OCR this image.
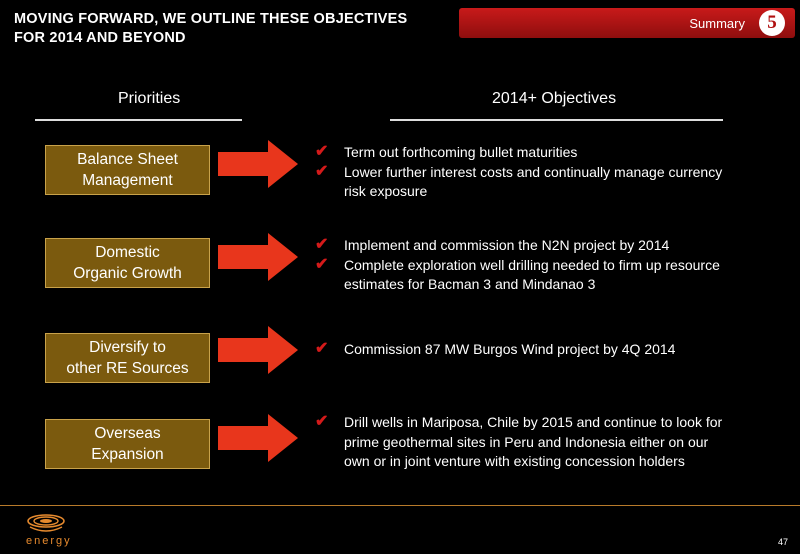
MOVING FORWARD, WE OUTLINE THESE OBJECTIVES
FOR 2014 AND BEYOND
Summary	5
Priorities	2014+ Objectives
Balance Sheet
Management

✔ Term out forthcoming bullet maturities

✔ Lower further interest costs and continually manage currency
risk exposure

Domestic
Organic Growth

✔ Implement and commission the N2N project by 2014

✔ Complete exploration well drilling needed to firm up resource
estimates for Bacman 3 and Mindanao 3

Diversify to
other RE Sources

✔ Commission 87 MW Burgos Wind project by 4Q 2014

Overseas
Expansion

✔ Drill wells in Mariposa, Chile by 2015 and continue to look for
prime geothermal sites in Peru and Indonesia either on our
own or in joint venture with existing concession holders

energy	47
